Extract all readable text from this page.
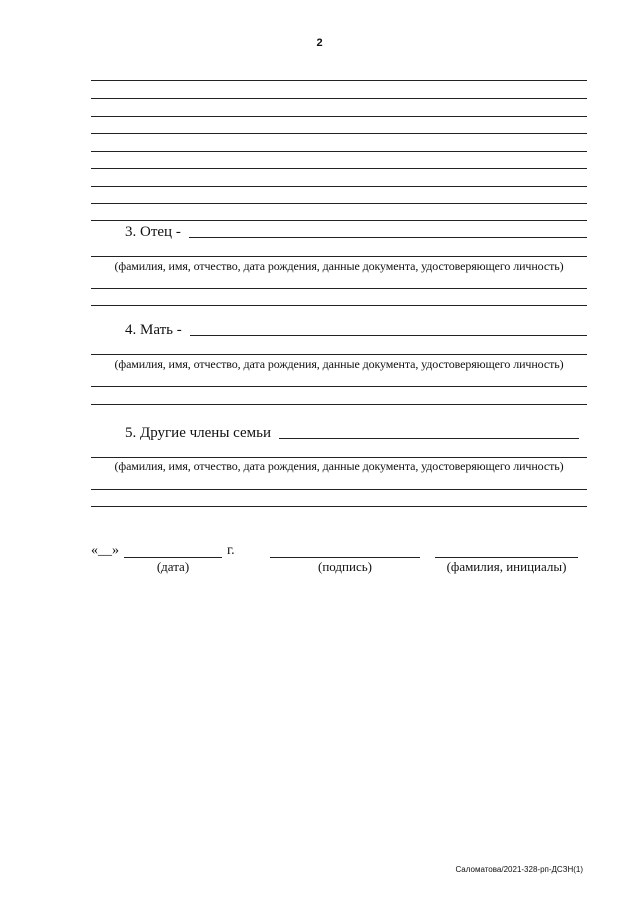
2
3. Отец -
(фамилия, имя, отчество, дата рождения, данные документа, удостоверяющего личность)
4. Мать -
(фамилия, имя, отчество, дата рождения, данные документа, удостоверяющего личность)
5. Другие члены семьи
(фамилия, имя, отчество, дата рождения, данные документа, удостоверяющего личность)
«__»	г.
(дата)	(подпись)	(фамилия, инициалы)
Саломатова/2021-328-рп-ДСЗН(1)
